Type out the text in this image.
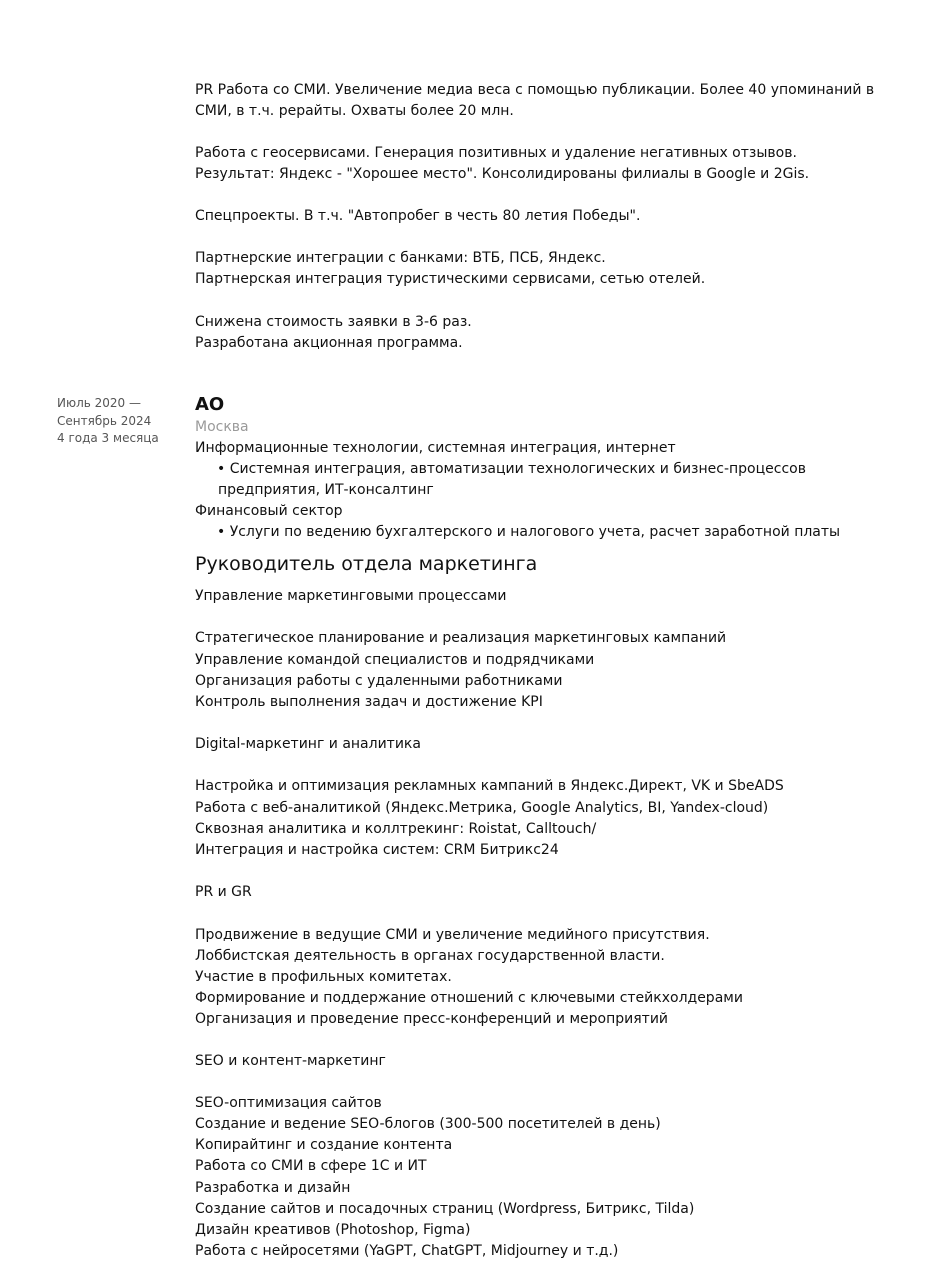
PR Работа со СМИ. Увеличение медиа веса с помощью публикации. Более 40 упоминаний в
СМИ, в т.ч. рерайты. Охваты более 20 млн.
Работа с геосервисами. Генерация позитивных и удаление негативных отзывов.
Результат: Яндекс - "Хорошее место". Консолидированы филиалы в Google и 2Gis.
Спецпроекты. В т.ч. "Автопробег в честь 80 летия Победы".
Партнерские интеграции с банками: ВТБ, ПСБ, Яндекс.
Партнерская интеграция туристическими сервисами, сетью отелей.
Снижена стоимость заявки в 3-6 раз.
Разработана акционная программа.
Июль 2020 —
Сентябрь 2024
4 года 3 месяца
АО
Москва
Информационные технологии, системная интеграция, интернет
• Системная интеграция, автоматизации технологических и бизнес-процессов
предприятия, ИТ-консалтинг
Финансовый сектор
• Услуги по ведению бухгалтерского и налогового учета, расчет заработной платы
Руководитель отдела маркетинга
Управление маркетинговыми процессами
Стратегическое планирование и реализация маркетинговых кампаний
Управление командой специалистов и подрядчиками
Организация работы с удаленными работниками
Контроль выполнения задач и достижение KPI
Digital-маркетинг и аналитика
Настройка и оптимизация рекламных кампаний в Яндекс.Директ, VK и SbeADS
Работа с веб-аналитикой (Яндекс.Метрика, Google Analytics, BI, Yandex-cloud)
Сквозная аналитика и коллтрекинг: Roistat, Calltouch/
Интеграция и настройка систем: CRM Битрикс24
PR и GR
Продвижение в ведущие СМИ и увеличение медийного присутствия.
Лоббистская деятельность в органах государственной власти.
Участие в профильных комитетах.
Формирование и поддержание отношений с ключевыми стейкхолдерами
Организация и проведение пресс-конференций и мероприятий
SEO и контент-маркетинг
SEO-оптимизация сайтов
Создание и ведение SEO-блогов (300-500 посетителей в день)
Копирайтинг и создание контента
Работа со СМИ в сфере 1С и ИТ
Разработка и дизайн
Создание сайтов и посадочных страниц (Wordpress, Битрикс, Tilda)
Дизайн креативов (Photoshop, Figma)
Работа с нейросетями (YaGPT, ChatGPT, Midjourney и т.д.)
